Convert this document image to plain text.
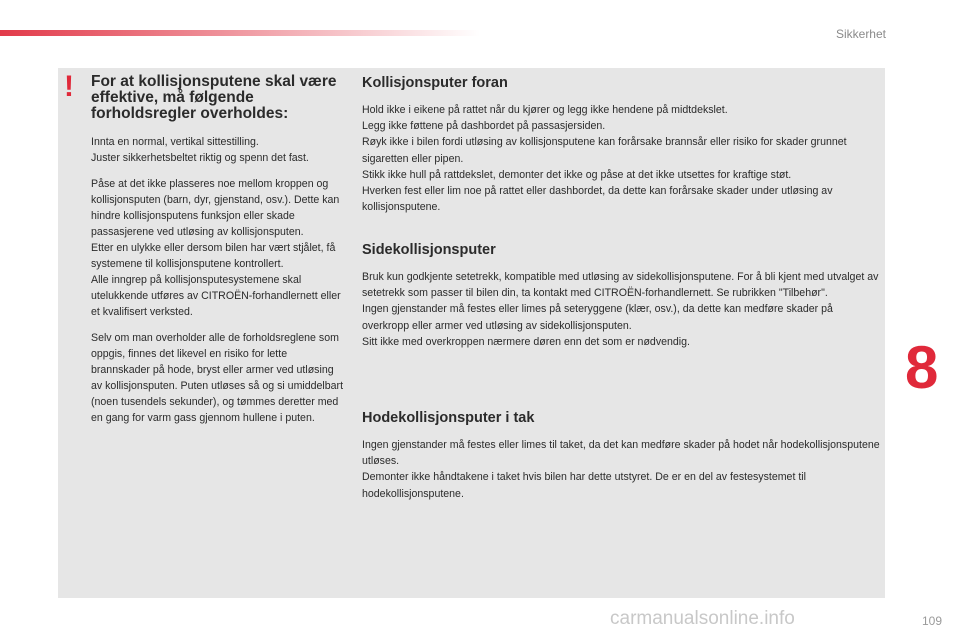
Sikkerhet
! For at kollisjonsputene skal være effektive, må følgende forholdsregler overholdes:

Innta en normal, vertikal sittestilling.
Juster sikkerhetsbeltet riktig og spenn det fast.

Påse at det ikke plasseres noe mellom kroppen og kollisjonsputen (barn, dyr, gjenstand, osv.). Dette kan hindre kollisjonsputens funksjon eller skade passasjerene ved utløsing av kollisjonsputen.
Etter en ulykke eller dersom bilen har vært stjålet, få systemene til kollisjonsputene kontrollert.
Alle inngrep på kollisjonsputesystemene skal utelukkende utføres av CITROËN-forhandlernett eller et kvalifisert verksted.

Selv om man overholder alle de forholdsreglene som oppgis, finnes det likevel en risiko for lette brannskader på hode, bryst eller armer ved utløsing av kollisjonsputen. Puten utløses så og si umiddelbart (noen tusendels sekunder), og tømmes deretter med en gang for varm gass gjennom hullene i puten.

Kollisjonsputer foran

Hold ikke i eikene på rattet når du kjører og legg ikke hendene på midtdekslet.
Legg ikke føttene på dashbordet på passasjersiden.
Røyk ikke i bilen fordi utløsing av kollisjonsputene kan forårsake brannsår eller risiko for skader grunnet sigaretten eller pipen.
Stikk ikke hull på rattdekslet, demonter det ikke og påse at det ikke utsettes for kraftige støt.
Hverken fest eller lim noe på rattet eller dashbordet, da dette kan forårsake skader under utløsing av kollisjonsputene.

Sidekollisjonsputer

Bruk kun godkjente setetrekk, kompatible med utløsing av sidekollisjonsputene. For å bli kjent med utvalget av setetrekk som passer til bilen din, ta kontakt med CITROËN-forhandlernett. Se rubrikken "Tilbehør".
Ingen gjenstander må festes eller limes på seteryggene (klær, osv.), da dette kan medføre skader på overkropp eller armer ved utløsing av sidekollisjonsputen.
Sitt ikke med overkroppen nærmere døren enn det som er nødvendig.

Hodekollisjonsputer i tak

Ingen gjenstander må festes eller limes til taket, da det kan medføre skader på hodet når hodekollisjonsputene utløses.
Demonter ikke håndtakene i taket hvis bilen har dette utstyret. De er en del av festesystemet til hodekollisjonsputene.

8
carmanualsonline.info	109
